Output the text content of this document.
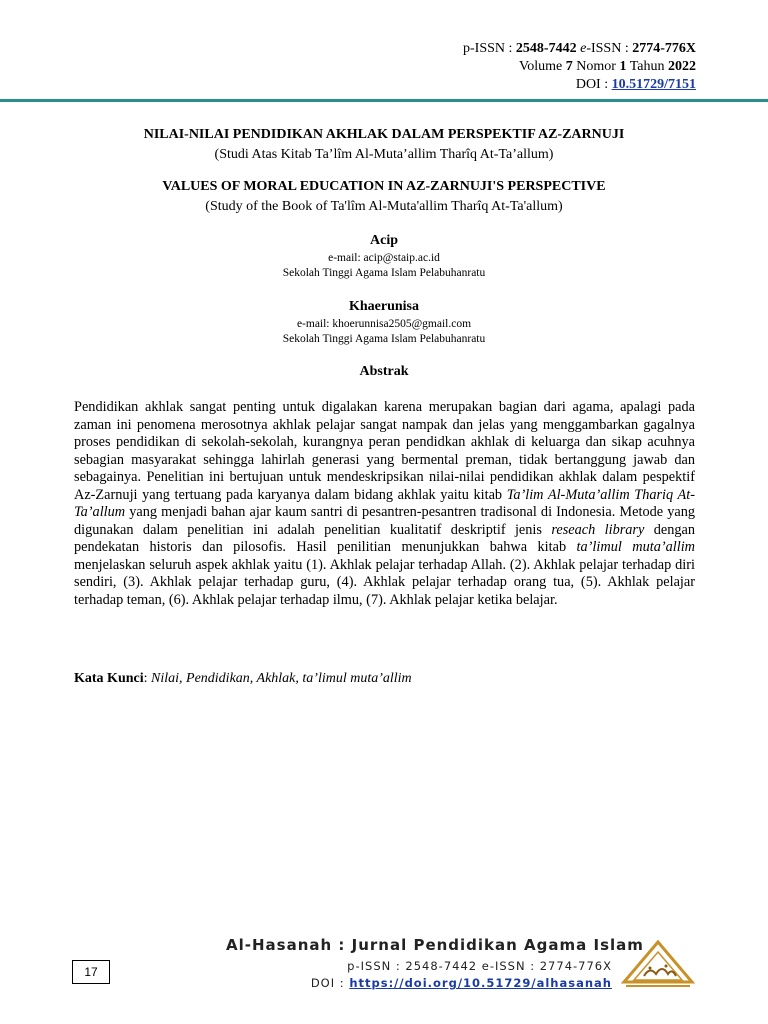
p-ISSN : 2548-7442 e-ISSN : 2774-776X
Volume 7 Nomor 1 Tahun 2022
DOI : 10.51729/7151
NILAI-NILAI PENDIDIKAN AKHLAK DALAM PERSPEKTIF AZ-ZARNUJI
(Studi Atas Kitab Ta’lîm Al-Muta’allim Tharîq At-Ta’allum)
VALUES OF MORAL EDUCATION IN AZ-ZARNUJI'S PERSPECTIVE
(Study of the Book of Ta'lîm Al-Muta'allim Tharîq At-Ta'allum)
Acip
e-mail: acip@staip.ac.id
Sekolah Tinggi Agama Islam Pelabuhanratu
Khaerunisa
e-mail: khoerunnisa2505@gmail.com
Sekolah Tinggi Agama Islam Pelabuhanratu
Abstrak
Pendidikan akhlak sangat penting untuk digalakan karena merupakan bagian dari agama, apalagi pada zaman ini penomena merosotnya akhlak pelajar sangat nampak dan jelas yang menggambarkan gagalnya proses pendidikan di sekolah-sekolah, kurangnya peran pendidkan akhlak di keluarga dan sikap acuhnya sebagian masyarakat sehingga lahirlah generasi yang bermental preman, tidak bertanggung jawab dan sebagainya. Penelitian ini bertujuan untuk mendeskripsikan nilai-nilai pendidikan akhlak dalam pespektif Az-Zarnuji yang tertuang pada karyanya dalam bidang akhlak yaitu kitab Ta’lim Al-Muta’allim Thariq At-Ta’allum yang menjadi bahan ajar kaum santri di pesantren-pesantren tradisonal di Indonesia. Metode yang digunakan dalam penelitian ini adalah penelitian kualitatif deskriptif jenis reseach library dengan pendekatan historis dan pilosofis. Hasil penilitian menunjukkan bahwa kitab ta’limul muta’allim menjelaskan seluruh aspek akhlak yaitu (1). Akhlak pelajar terhadap Allah. (2). Akhlak pelajar terhadap diri sendiri, (3). Akhlak pelajar terhadap guru, (4). Akhlak pelajar terhadap orang tua, (5). Akhlak pelajar terhadap teman, (6). Akhlak pelajar terhadap ilmu, (7). Akhlak pelajar ketika belajar.
Kata Kunci: Nilai, Pendidikan, Akhlak, ta’limul muta’allim
Al-Hasanah : Jurnal Pendidikan Agama Islam
p-ISSN : 2548-7442 e-ISSN : 2774-776X
DOI : https://doi.org/10.51729/alhasanah
17
